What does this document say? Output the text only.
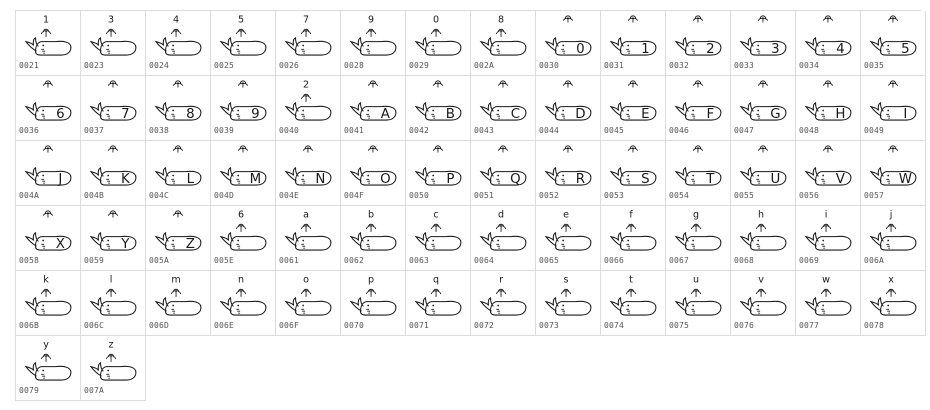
1
0021
3
0023
4
0024
5
0025
7
0026
9
0028
0
0029
8
002A
0
0030
1
0031
2
0032
3
0033
4
0034
5
0035
6
0036
7
0037
8
0038
9
0039
2
0040
A
0041
B
0042
C
0043
D
0044
E
0045
F
0046
G
0047
H
0048
I
0049
J
004A
K
004B
L
004C
M
004D
N
004E
O
004F
P
0050
Q
0051
R
0052
S
0053
T
0054
U
0055
V
0056
W
0057
X
0058
Y
0059
Z
005A
6
005E
a
0061
b
0062
c
0063
d
0064
e
0065
f
0066
g
0067
h
0068
i
0069
j
006A
k
006B
l
006C
m
006D
n
006E
o
006F
p
0070
q
0071
r
0072
s
0073
t
0074
u
0075
v
0076
w
0077
x
0078
y
0079
z
007A
